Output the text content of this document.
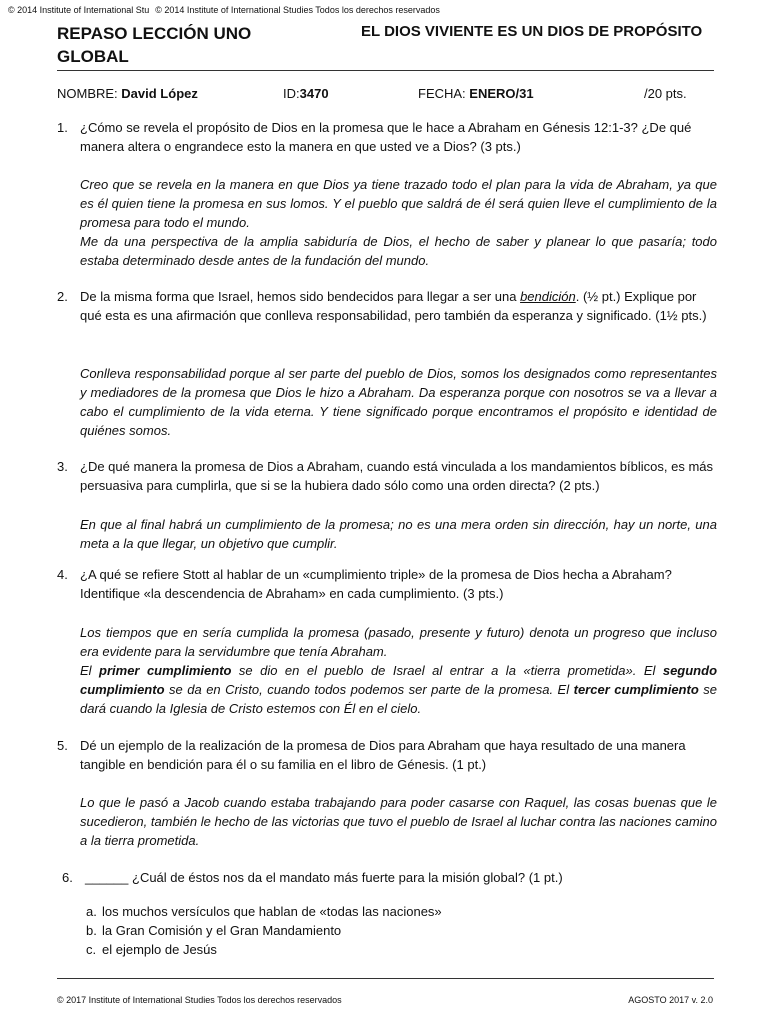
© 2014 Institute of International Stu © 2014 Institute of International Studies Todos los derechos reservados
REPASO LECCIÓN UNO
GLOBAL
EL DIOS VIVIENTE ES UN DIOS DE PROPÓSITO
NOMBRE: David López	ID:3470	FECHA: ENERO/31	/20 pts.
1. ¿Cómo se revela el propósito de Dios en la promesa que le hace a Abraham en Génesis 12:1-3? ¿De qué manera altera o engrandece esto la manera en que usted ve a Dios? (3 pts.)

Creo que se revela en la manera en que Dios ya tiene trazado todo el plan para la vida de Abraham, ya que es él quien tiene la promesa en sus lomos. Y el pueblo que saldrá de él será quien lleve el cumplimiento de la promesa para todo el mundo.

Me da una perspectiva de la amplia sabiduría de Dios, el hecho de saber y planear lo que pasaría; todo estaba determinado desde antes de la fundación del mundo.

2. De la misma forma que Israel, hemos sido bendecidos para llegar a ser una bendición. (½ pt.) Explique por qué esta es una afirmación que conlleva responsabilidad, pero también da esperanza y significado. (1½ pts.)

Conlleva responsabilidad porque al ser parte del pueblo de Dios, somos los designados como representantes y mediadores de la promesa que Dios le hizo a Abraham. Da esperanza porque con nosotros se va a llevar a cabo el cumplimiento de la vida eterna. Y tiene significado porque encontramos el propósito e identidad de quiénes somos.

3. ¿De qué manera la promesa de Dios a Abraham, cuando está vinculada a los mandamientos bíblicos, es más persuasiva para cumplirla, que si se la hubiera dado sólo como una orden directa? (2 pts.)

En que al final habrá un cumplimiento de la promesa; no es una mera orden sin dirección, hay un norte, una meta a la que llegar, un objetivo que cumplir.

4. ¿A qué se refiere Stott al hablar de un «cumplimiento triple» de la promesa de Dios hecha a Abraham? Identifique «la descendencia de Abraham» en cada cumplimiento. (3 pts.)

Los tiempos que en sería cumplida la promesa (pasado, presente y futuro) denota un progreso que incluso era evidente para la servidumbre que tenía Abraham.

El primer cumplimiento se dio en el pueblo de Israel al entrar a la «tierra prometida». El segundo cumplimiento se da en Cristo, cuando todos podemos ser parte de la promesa. El tercer cumplimiento se dará cuando la Iglesia de Cristo estemos con Él en el cielo.

5. Dé un ejemplo de la realización de la promesa de Dios para Abraham que haya resultado de una manera tangible en bendición para él o su familia en el libro de Génesis. (1 pt.)

Lo que le pasó a Jacob cuando estaba trabajando para poder casarse con Raquel, las cosas buenas que le sucedieron, también le hecho de las victorias que tuvo el pueblo de Israel al luchar contra las naciones camino a la tierra prometida.

6. ______ ¿Cuál de éstos nos da el mandato más fuerte para la misión global? (1 pt.)
a. los muchos versículos que hablan de «todas las naciones»
b. la Gran Comisión y el Gran Mandamiento
c. el ejemplo de Jesús
© 2017 Institute of International Studies Todos los derechos reservados	AGOSTO 2017 v. 2.0
